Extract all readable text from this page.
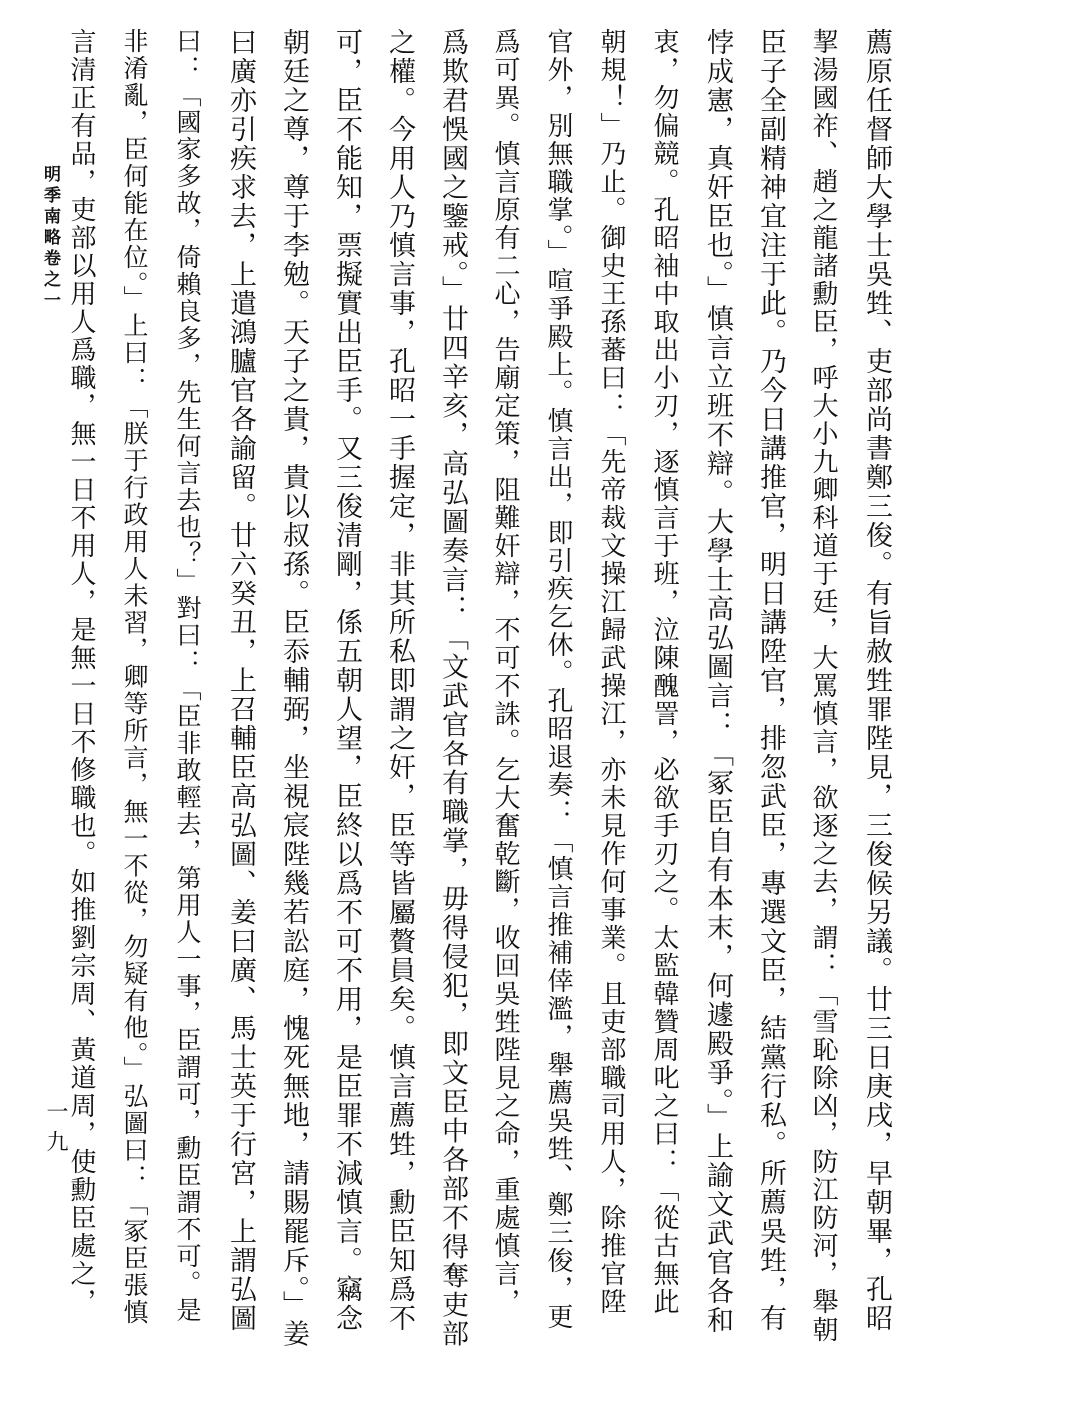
薦原任督師大學士吳甡、吏部尚書鄭三俊。有旨赦甡罪陛見，三俊候另議。廿三日庚戌，早朝畢，孔昭
挈湯國祚、趙之龍諸勳臣，呼大小九卿科道于廷，大罵慎言，欲逐之去，謂：「雪恥除凶，防江防河，舉朝
臣子全副精神宜注于此。乃今日講推官，明日講陞官，排忽武臣，專選文臣，結黨行私。所薦吳甡，有
悖成憲，真奸臣也。」慎言立班不辯。大學士高弘圖言：「冢臣自有本末，何遽殿爭。」上諭文武官各和
衷，勿偏競。孔昭袖中取出小刃，逐慎言于班，泣陳醜詈，必欲手刃之。太監韓贊周叱之曰：「從古無此
朝規！」乃止。御史王孫蕃曰：「先帝裁文操江歸武操江，亦未見作何事業。且吏部職司用人，除推官陞
官外，別無職掌。」喧爭殿上。慎言出，即引疾乞休。孔昭退奏：「慎言推補倖濫，舉薦吳甡、鄭三俊，更
爲可異。慎言原有二心，告廟定策，阻難奸辯，不可不誅。乞大奮乾斷，收回吳甡陛見之命，重處慎言，
爲欺君悞國之鑒戒。」廿四辛亥，高弘圖奏言：「文武官各有職掌，毋得侵犯，即文臣中各部不得奪吏部
之權。今用人乃慎言事，孔昭一手握定，非其所私即謂之奸，臣等皆屬贅員矣。慎言薦甡，勳臣知爲不
可，臣不能知，票擬實出臣手。又三俊清剛，係五朝人望，臣終以爲不可不用，是臣罪不減慎言。竊念
朝廷之尊，尊于李勉。天子之貴，貴以叔孫。臣忝輔弼，坐視宸陛幾若訟庭，愧死無地，請賜罷斥。」姜
曰廣亦引疾求去，上遣鴻臚官各諭留。廿六癸丑，上召輔臣高弘圖、姜曰廣、馬士英于行宮，上謂弘圖
曰：「國家多故，倚賴良多，先生何言去也？」對曰：「臣非敢輕去，第用人一事，臣謂可，勳臣謂不可。是
非淆亂，臣何能在位。」上曰：「朕于行政用人未習，卿等所言，無一不從，勿疑有他。」弘圖曰：「冢臣張慎
言清正有品，吏部以用人爲職，無一日不用人，是無一日不修職也。如推劉宗周、黃道周，使勳臣處之，
明季南略卷之一
一九
